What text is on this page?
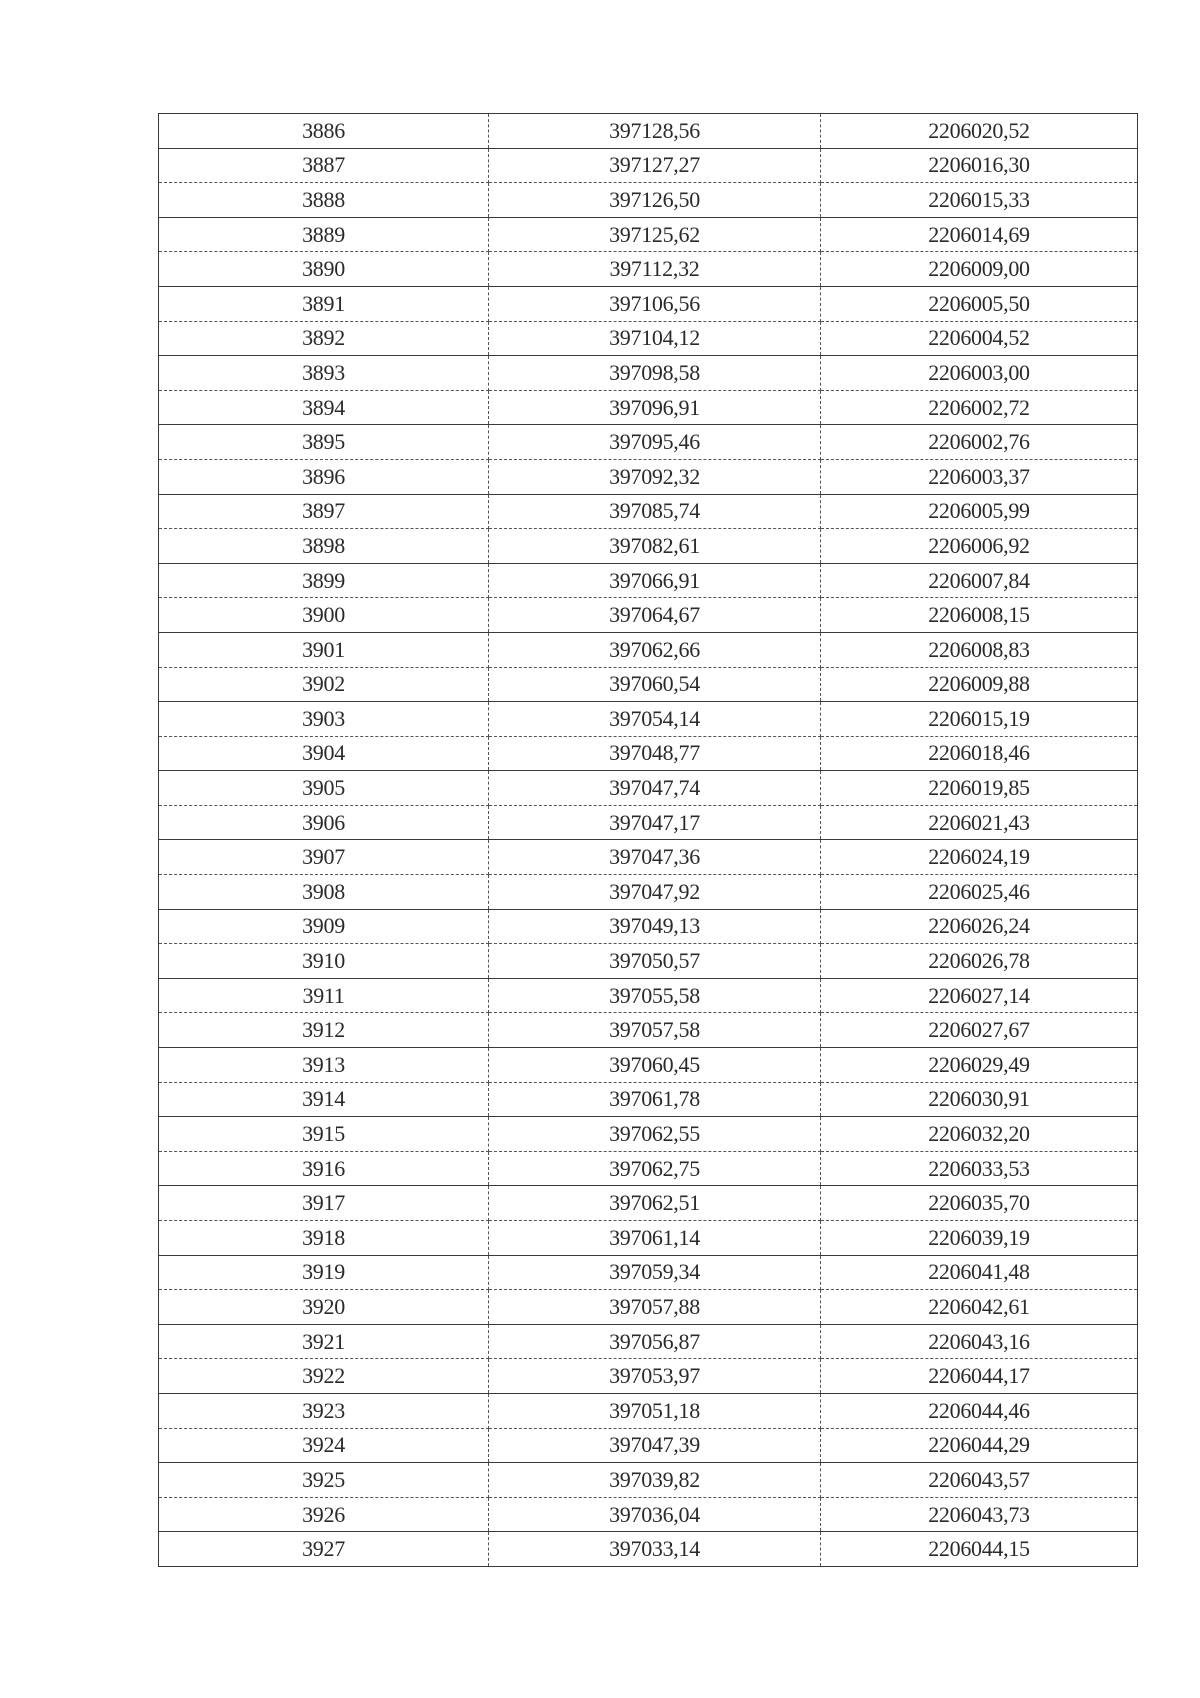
3886	397128,56	2206020,52
3887	397127,27	2206016,30
3888	397126,50	2206015,33
3889	397125,62	2206014,69
3890	397112,32	2206009,00
3891	397106,56	2206005,50
3892	397104,12	2206004,52
3893	397098,58	2206003,00
3894	397096,91	2206002,72
3895	397095,46	2206002,76
3896	397092,32	2206003,37
3897	397085,74	2206005,99
3898	397082,61	2206006,92
3899	397066,91	2206007,84
3900	397064,67	2206008,15
3901	397062,66	2206008,83
3902	397060,54	2206009,88
3903	397054,14	2206015,19
3904	397048,77	2206018,46
3905	397047,74	2206019,85
3906	397047,17	2206021,43
3907	397047,36	2206024,19
3908	397047,92	2206025,46
3909	397049,13	2206026,24
3910	397050,57	2206026,78
3911	397055,58	2206027,14
3912	397057,58	2206027,67
3913	397060,45	2206029,49
3914	397061,78	2206030,91
3915	397062,55	2206032,20
3916	397062,75	2206033,53
3917	397062,51	2206035,70
3918	397061,14	2206039,19
3919	397059,34	2206041,48
3920	397057,88	2206042,61
3921	397056,87	2206043,16
3922	397053,97	2206044,17
3923	397051,18	2206044,46
3924	397047,39	2206044,29
3925	397039,82	2206043,57
3926	397036,04	2206043,73
3927	397033,14	2206044,15
